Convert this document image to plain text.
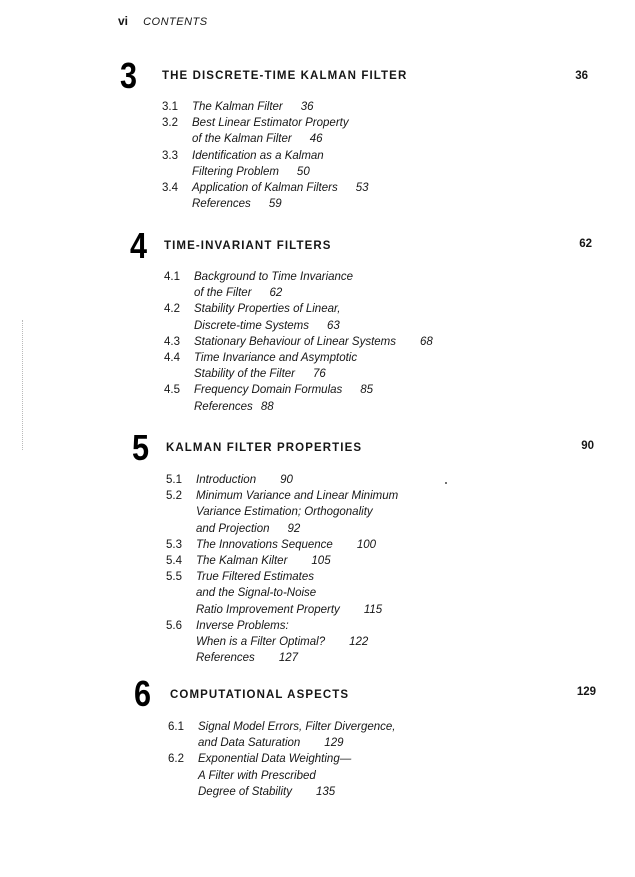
vi CONTENTS
3 THE DISCRETE-TIME KALMAN FILTER	36
3.1	The Kalman Filter 36
3.2	Best Linear Estimator Property
of the Kalman Filter 46
3.3	Identification as a Kalman
Filtering Problem 50
3.4	Application of Kalman Filters 53
References 59
4 TIME-INVARIANT FILTERS	62
4.1	Background to Time Invariance
of the Filter 62
4.2	Stability Properties of Linear,
Discrete-time Systems 63
4.3	Stationary Behaviour of Linear Systems 68
4.4	Time Invariance and Asymptotic
Stability of the Filter 76
4.5	Frequency Domain Formulas 85
References 88
5 KALMAN FILTER PROPERTIES	90
5.1	Introduction 90
5.2	Minimum Variance and Linear Minimum
Variance Estimation; Orthogonality
and Projection 92
5.3	The Innovations Sequence 100
5.4	The Kalman Kilter 105
5.5	True Filtered Estimates
and the Signal-to-Noise
Ratio Improvement Property 115
5.6	Inverse Problems:
When is a Filter Optimal? 122
References 127
6 COMPUTATIONAL ASPECTS	129
6.1	Signal Model Errors, Filter Divergence,
and Data Saturation 129
6.2	Exponential Data Weighting—
A Filter with Prescribed
Degree of Stability 135
